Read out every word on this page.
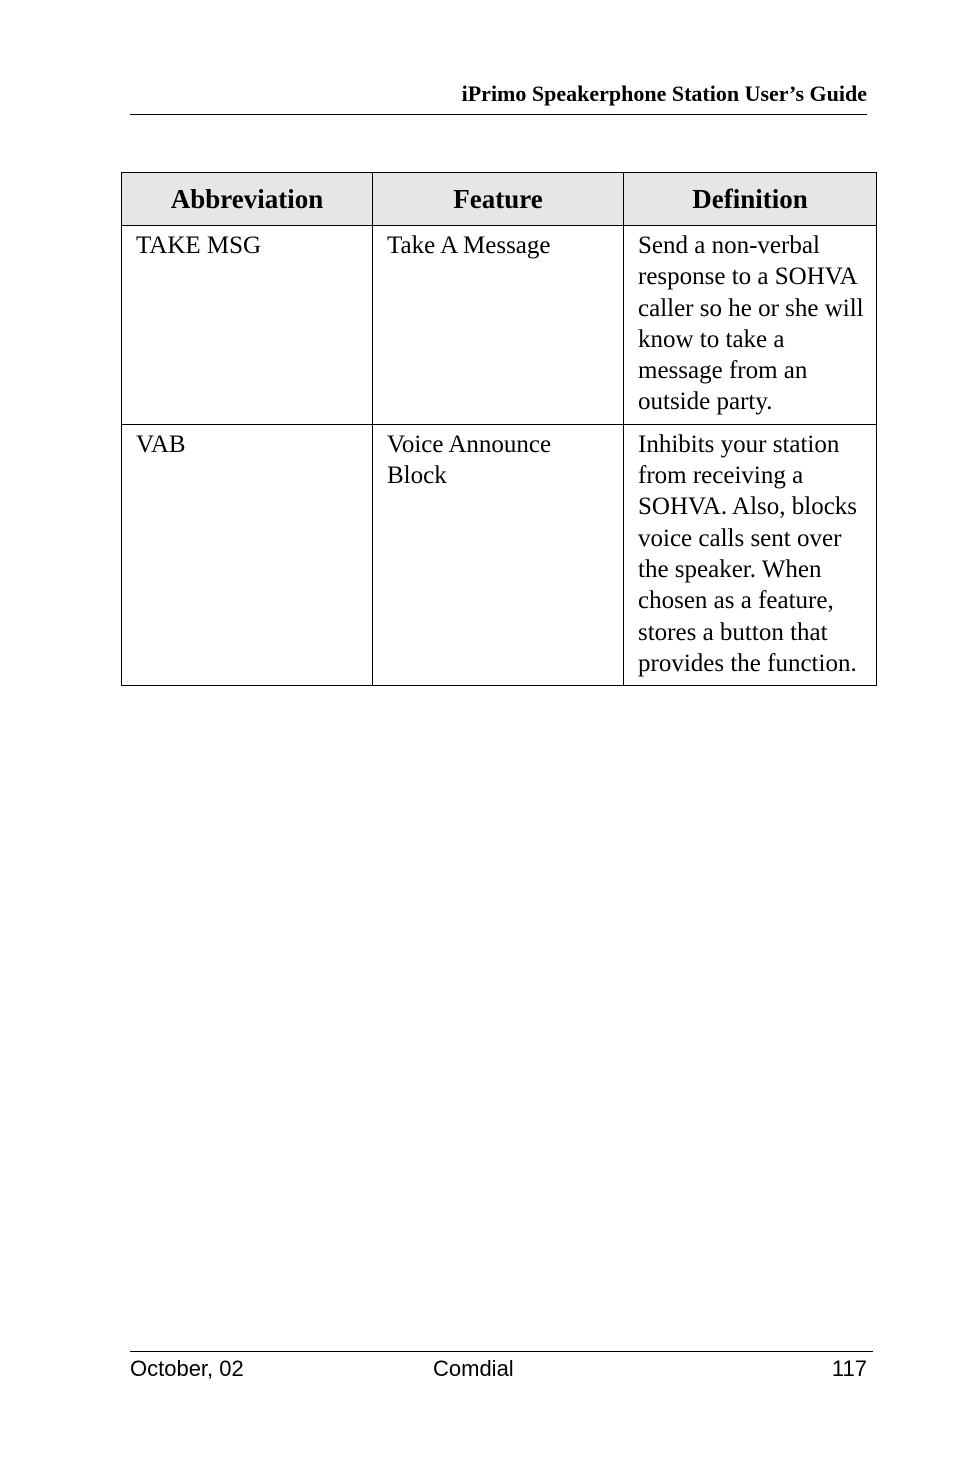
iPrimo Speakerphone Station User’s Guide
Abbreviation	Feature	Definition
TAKE MSG	Take A Message	Send a non-verbal response to a SOHVA caller so he or she will know to take a message from an outside party.
VAB	Voice Announce Block	Inhibits your station from receiving a SOHVA. Also, blocks voice calls sent over the speaker. When chosen as a feature, stores a button that provides the function.
October, 02	Comdial	117
